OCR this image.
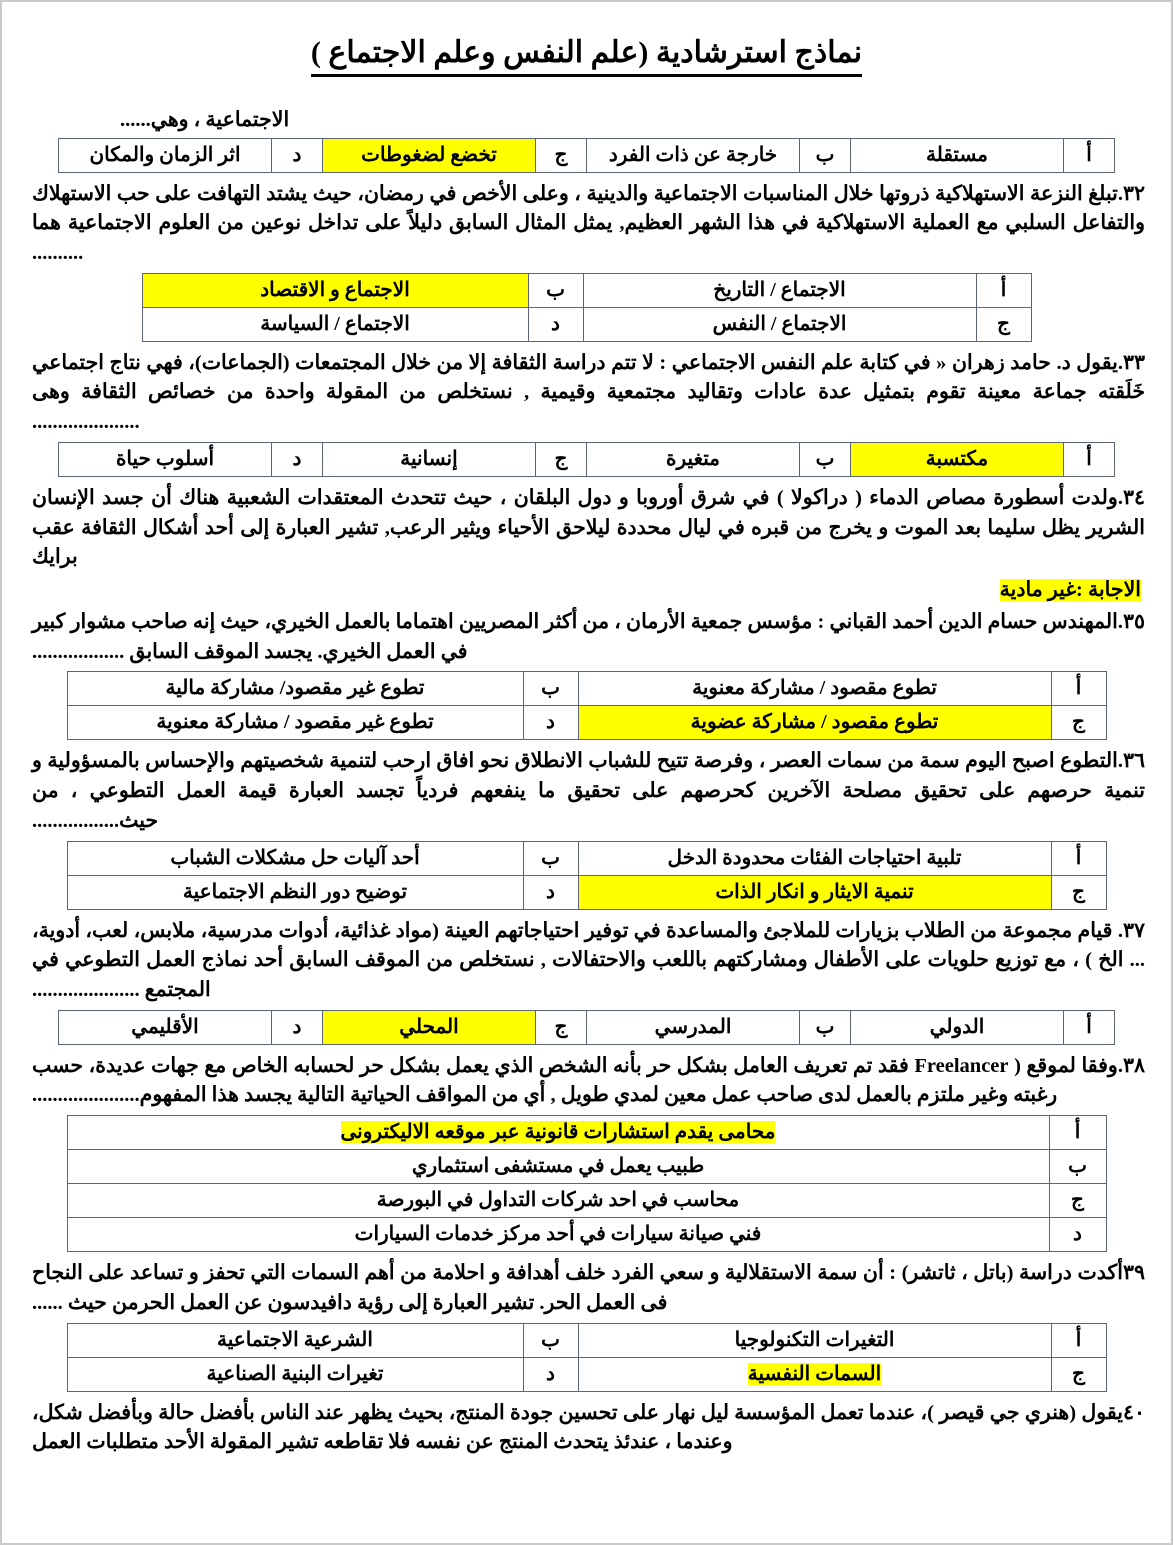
نماذج استرشادية (علم النفس وعلم الاجتماع )
الاجتماعية ، وهي......
أ	مستقلة	ب	خارجة عن ذات الفرد	ج	تخضع لضغوطات	د	اثر الزمان والمكان
٣٢.تبلغ النزعة الاستهلاكية ذروتها خلال المناسبات الاجتماعية والدينية ، وعلى الأخص في رمضان، حيث يشتد التهافت على حب الاستهلاك والتفاعل السلبي مع العملية الاستهلاكية في هذا الشهر العظيم, يمثل المثال السابق دليلاً على تداخل نوعين من العلوم الاجتماعية هما ..........
أ	الاجتماع / التاريخ	ب	الاجتماع و الاقتصاد
ج	الاجتماع / النفس	د	الاجتماع / السياسة
٣٣.يقول د. حامد زهران « في كتابة علم النفس الاجتماعي : لا تتم دراسة الثقافة إلا من خلال المجتمعات (الجماعات)، فهي نتاج اجتماعي خَلَقته جماعة معينة تقوم بتمثيل عدة عادات وتقاليد مجتمعية وقيمية , نستخلص من المقولة واحدة من خصائص الثقافة وهى .....................
أ	مكتسبة	ب	متغيرة	ج	إنسانية	د	أسلوب حياة
٣٤.ولدت أسطورة مصاص الدماء ( دراكولا ) في شرق أوروبا و دول البلقان ، حيث تتحدث المعتقدات الشعبية هناك أن جسد الإنسان الشرير يظل سليما بعد الموت و يخرج من قبره في ليال محددة ليلاحق الأحياء ويثير الرعب, تشير العبارة إلى أحد أشكال الثقافة عقب برايك
الاجابة :غير مادية
٣٥.المهندس حسام الدين أحمد القباني : مؤسس جمعية الأرمان ، من أكثر المصريين اهتماما بالعمل الخيري، حيث إنه صاحب مشوار كبير في العمل الخيري. يجسد الموقف السابق ..................
أ	تطوع مقصود / مشاركة معنوية	ب	تطوع غير مقصود/ مشاركة مالية
ج	تطوع مقصود / مشاركة عضوية	د	تطوع غير مقصود / مشاركة معنوية
٣٦.التطوع اصبح اليوم سمة من سمات العصر ، وفرصة تتيح للشباب الانطلاق نحو افاق ارحب لتنمية شخصيتهم والإحساس بالمسؤولية و تنمية حرصهم على تحقيق مصلحة الآخرين كحرصهم على تحقيق ما ينفعهم فردياً تجسد العبارة قيمة العمل التطوعي ، من حيث.................
أ	تلبية احتياجات الفئات محدودة الدخل	ب	أحد آليات حل مشكلات الشباب
ج	تنمية الايثار و انكار الذات	د	توضيح دور النظم الاجتماعية
٣٧. قيام مجموعة من الطلاب بزيارات للملاجئ والمساعدة في توفير احتياجاتهم العينة (مواد غذائية، أدوات مدرسية، ملابس، لعب، أدوية، ... الخ ) ، مع توزيع حلويات على الأطفال ومشاركتهم باللعب والاحتفالات , نستخلص من الموقف السابق أحد نماذج العمل التطوعي في المجتمع .....................
أ	الدولي	ب	المدرسي	ج	المحلي	د	الأقليمي
٣٨.وفقا لموقع ( Freelancer فقد تم تعريف العامل بشكل حر بأنه الشخص الذي يعمل بشكل حر لحسابه الخاص مع جهات عديدة، حسب رغبته وغير ملتزم بالعمل لدى صاحب عمل معين لمدي طويل , أي من المواقف الحياتية التالية يجسد هذا المفهوم.....................
أ	محامى يقدم استشارات قانونية عبر موقعه الاليكترونى
ب	طبيب يعمل في مستشفى استثماري
ج	محاسب في احد شركات التداول في البورصة
د	فني صيانة سيارات في أحد مركز خدمات السيارات
٣٩أكدت دراسة (باتل ، ثاتشر) : أن سمة الاستقلالية و سعي الفرد خلف أهدافة و احلامة من أهم السمات التي تحفز و تساعد على النجاح فى العمل الحر. تشير العبارة إلى رؤية دافيدسون عن العمل الحرمن حيث ......
أ	التغيرات التكنولوجيا	ب	الشرعية الاجتماعية
ج	السمات النفسية	د	تغيرات البنية الصناعية
٤٠يقول (هنري جي قيصر )، عندما تعمل المؤسسة ليل نهار على تحسين جودة المنتج، بحيث يظهر عند الناس بأفضل حالة وبأفضل شكل، وعندما ، عندئذ يتحدث المنتج عن نفسه فلا تقاطعه تشير المقولة الأحد متطلبات العمل
